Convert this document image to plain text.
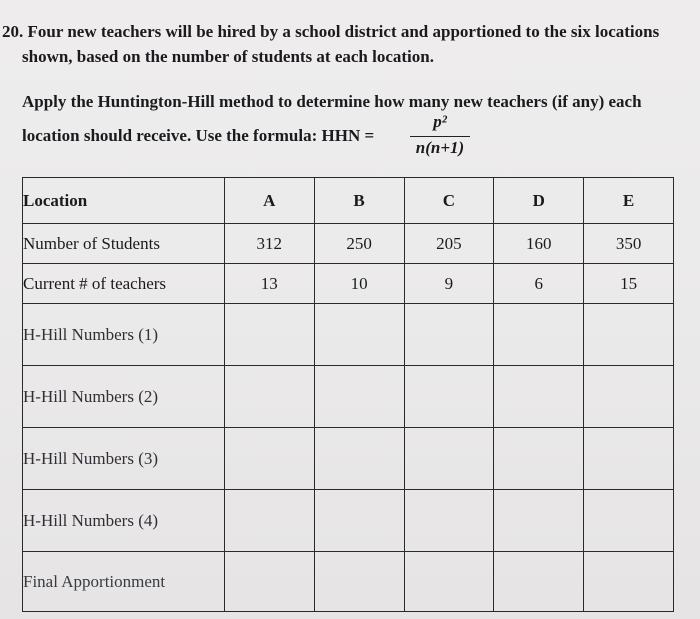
20. Four new teachers will be hired by a school district and apportioned to the six locations
shown, based on the number of students at each location.
Apply the Huntington-Hill method to determine how many new teachers (if any) each
location should receive. Use the formula: HHN =
p²
n(n+1)
Location	A	B	C	D	E
Number of Students	312	250	205	160	350
Current # of teachers	13	10	9	6	15
H-Hill Numbers (1)					
H-Hill Numbers (2)					
H-Hill Numbers (3)					
H-Hill Numbers (4)					
Final Apportionment					
